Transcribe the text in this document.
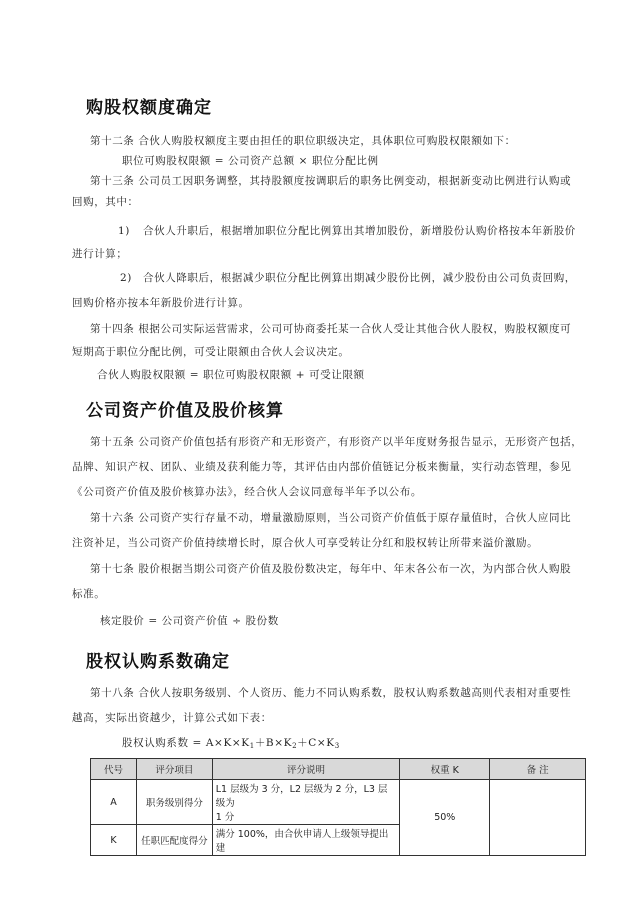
购股权额度确定
第十二条 合伙人购股权额度主要由担任的职位职级决定，具体职位可购股权限额如下：
职位可购股权限额 = 公司资产总额 × 职位分配比例
第十三条 公司员工因职务调整，其持股额度按调职后的职务比例变动，根据新变动比例进行认购或
回购，其中：
1) 合伙人升职后，根据增加职位分配比例算出其增加股份，新增股份认购价格按本年新股价
进行计算；
2) 合伙人降职后，根据减少职位分配比例算出期减少股份比例，减少股份由公司负责回购，
回购价格亦按本年新股价进行计算。
第十四条 根据公司实际运营需求，公司可协商委托某一合伙人受让其他合伙人股权，购股权额度可
短期高于职位分配比例，可受让限额由合伙人会议决定。
合伙人购股权限额 = 职位可购股权限额 + 可受让限额
公司资产价值及股价核算
第十五条 公司资产价值包括有形资产和无形资产，有形资产以半年度财务报告显示，无形资产包括，
品牌、知识产权、团队、业绩及获利能力等，其评估由内部价值链记分板来衡量，实行动态管理，参见
《公司资产价值及股价核算办法》，经合伙人会议同意每半年予以公布。
第十六条 公司资产实行存量不动，增量激励原则，当公司资产价值低于原存量值时，合伙人应同比
注资补足，当公司资产价值持续增长时，原合伙人可享受转让分红和股权转让所带来溢价激励。
第十七条 股价根据当期公司资产价值及股份数决定，每年中、年末各公布一次，为内部合伙人购股
标准。
核定股价 = 公司资产价值 ÷ 股份数
股权认购系数确定
第十八条 合伙人按职务级别、个人资历、能力不同认购系数，股权认购系数越高则代表相对重要性
越高，实际出资越少，计算公式如下表：
股权认购系数 = $A\times K\times K_1+B\times K_2+C\times K_3$
代号	评分项目	评分说明	权重 K	备 注
A	职务级别得分	L1 层级为 3 分，L2 层级为 2 分，L3 层级为
1 分	50%	
K	任职匹配度得分	满分 100%，由合伙申请人上级领导提出建		
